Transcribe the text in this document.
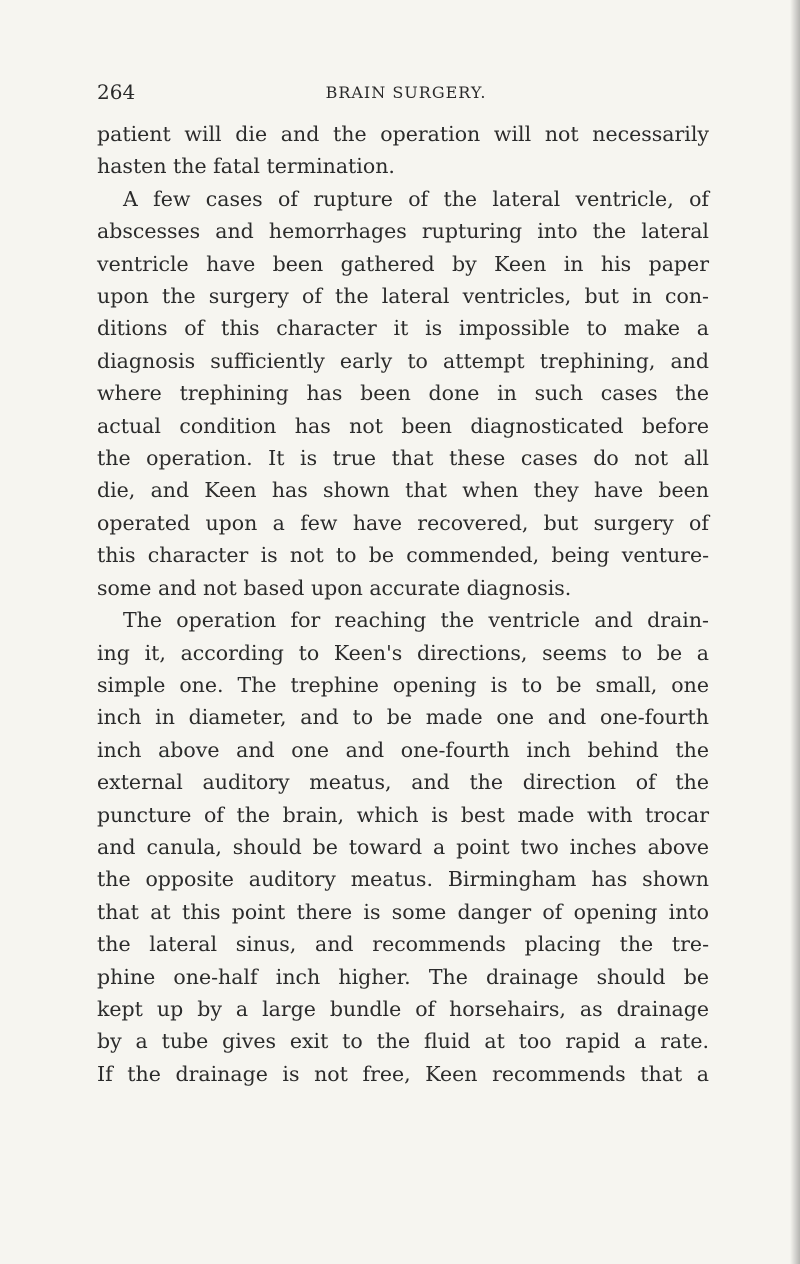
264	BRAIN SURGERY.
patient will die and the operation will not necessarily
hasten the fatal termination.
A few cases of rupture of the lateral ventricle, of
abscesses and hemorrhages rupturing into the lateral
ventricle have been gathered by Keen in his paper
upon the surgery of the lateral ventricles, but in con-
ditions of this character it is impossible to make a
diagnosis sufficiently early to attempt trephining, and
where trephining has been done in such cases the
actual condition has not been diagnosticated before
the operation. It is true that these cases do not all
die, and Keen has shown that when they have been
operated upon a few have recovered, but surgery of
this character is not to be commended, being venture-
some and not based upon accurate diagnosis.
The operation for reaching the ventricle and drain-
ing it, according to Keen's directions, seems to be a
simple one. The trephine opening is to be small, one
inch in diameter, and to be made one and one-fourth
inch above and one and one-fourth inch behind the
external auditory meatus, and the direction of the
puncture of the brain, which is best made with trocar
and canula, should be toward a point two inches above
the opposite auditory meatus. Birmingham has shown
that at this point there is some danger of opening into
the lateral sinus, and recommends placing the tre-
phine one-half inch higher. The drainage should be
kept up by a large bundle of horsehairs, as drainage
by a tube gives exit to the fluid at too rapid a rate.
If the drainage is not free, Keen recommends that a
